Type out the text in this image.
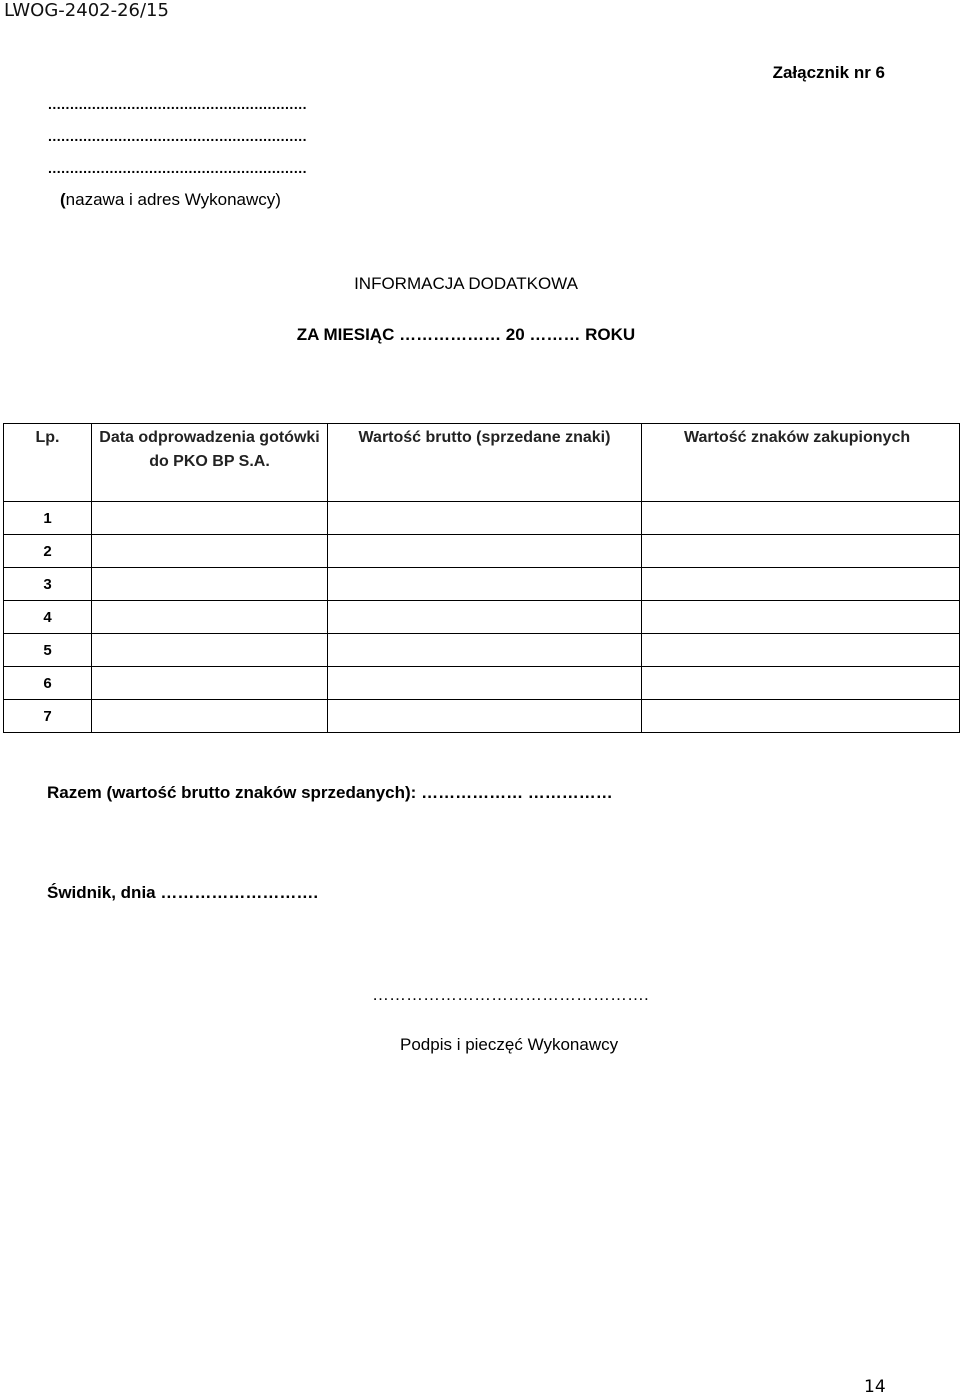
LWOG-2402-26/15
Załącznik nr 6
...........................................................
...........................................................
...........................................................
(nazawa i adres Wykonawcy)
INFORMACJA DODATKOWA
ZA MIESIĄC ……………… 20 ……… ROKU
Lp.	Data odprowadzenia gotówki do PKO BP S.A.	Wartość brutto (sprzedane znaki)	Wartość znaków zakupionych
1			
2			
3			
4			
5			
6			
7			
Razem (wartość brutto znaków sprzedanych): ……………… ……………
Świdnik, dnia ……………………….
………………………………………….
Podpis i pieczęć Wykonawcy
14
